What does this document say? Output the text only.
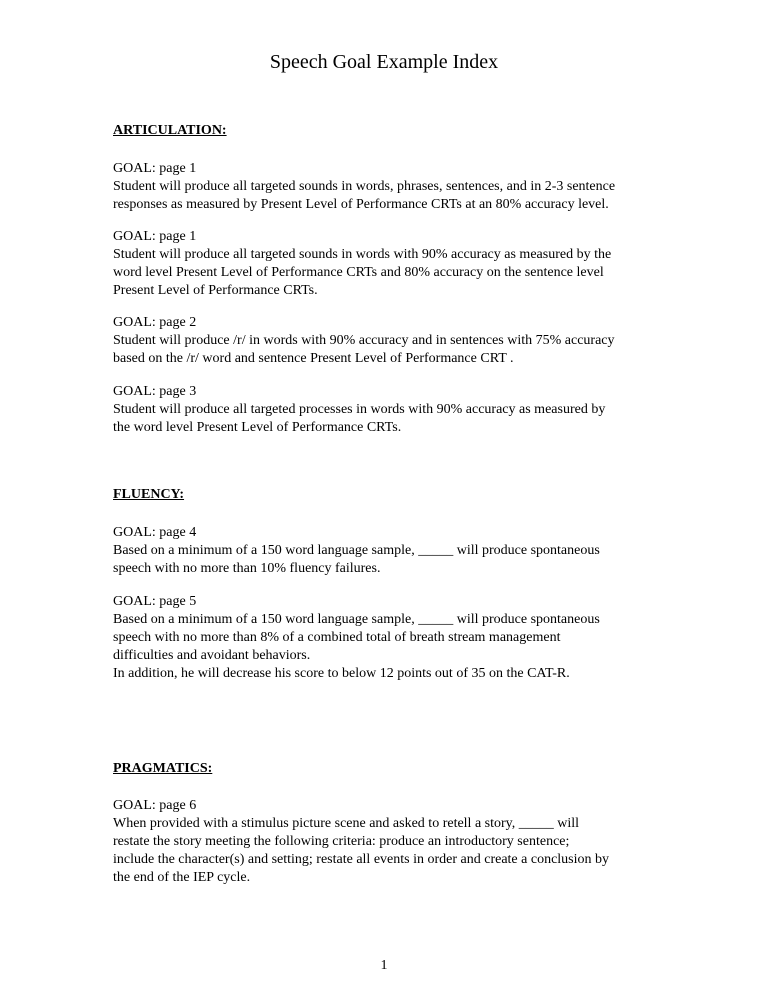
Speech Goal Example Index
ARTICULATION:
GOAL: page 1
Student will produce all targeted sounds in words, phrases, sentences, and in 2-3 sentence
responses as measured by Present Level of Performance CRTs at an 80% accuracy level.
GOAL: page 1
Student will produce all targeted sounds in words with 90% accuracy as measured by the
word level Present Level of Performance CRTs and 80% accuracy on the sentence level
Present Level of Performance CRTs.
GOAL: page 2
Student will produce /r/ in words with 90% accuracy and in sentences with 75% accuracy
based on the /r/ word and sentence Present Level of Performance CRT .
GOAL: page 3
Student will produce all targeted processes in words with 90% accuracy as measured by
the word level Present Level of Performance CRTs.
FLUENCY:
GOAL: page 4
Based on a minimum of a 150 word language sample, _____ will produce spontaneous
speech with no more than 10% fluency failures.
GOAL: page 5
Based on a minimum of a 150 word language sample, _____ will produce spontaneous
speech with no more than 8% of a combined total of breath stream management
difficulties and avoidant behaviors.
In addition, he will decrease his score to below 12 points out of 35 on the CAT-R.
PRAGMATICS:
GOAL: page 6
When provided with a stimulus picture scene and asked to retell a story, _____ will
restate the story meeting the following criteria: produce an introductory sentence;
include the character(s) and setting; restate all events in order and create a conclusion by
the end of the IEP cycle.
1
